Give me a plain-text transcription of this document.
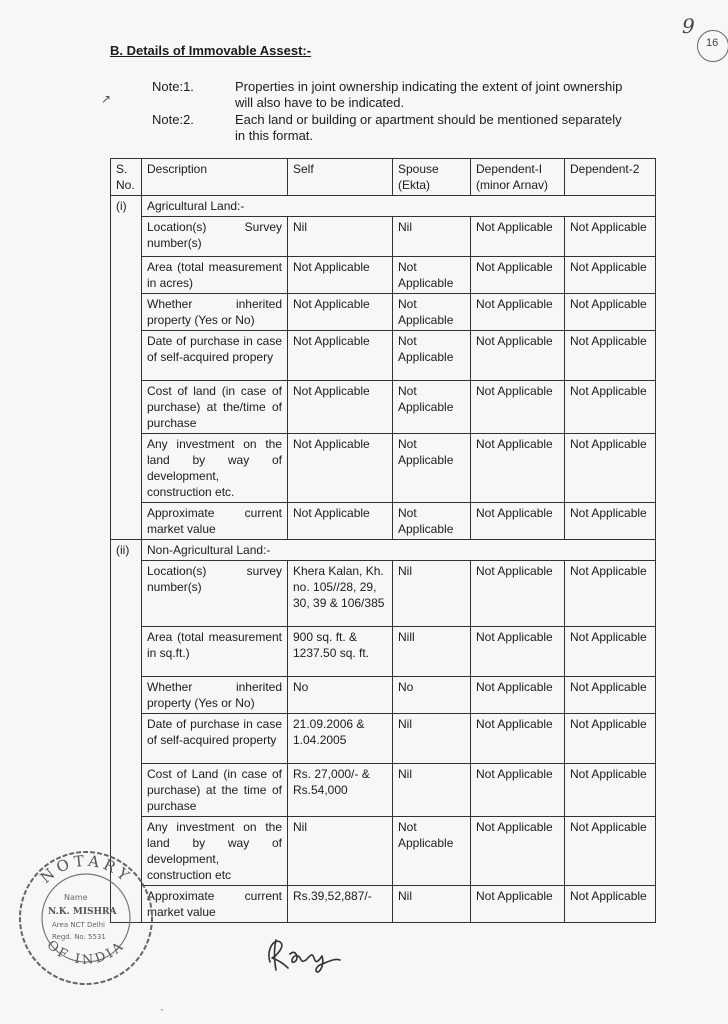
9
16
B. Details of Immovable Assest:-
Note:1.	Properties in joint ownership indicating the extent of joint ownership will also have to be indicated.
Note:2.	Each land or building or apartment should be mentioned separately in this format.
↗
S. No.	Description	Self	Spouse (Ekta)	Dependent-I (minor Arnav)	Dependent-2
(i)	Agricultural Land:-				
	Location(s) Survey number(s)	Nil	Nil	Not Applicable	Not Applicable
	Area (total measurement in acres)	Not Applicable	Not Applicable	Not Applicable	Not Applicable
	Whether inherited property (Yes or No)	Not Applicable	Not Applicable	Not Applicable	Not Applicable
	Date of purchase in case of self-acquired propery	Not Applicable	Not Applicable	Not Applicable	Not Applicable
	Cost of land (in case of purchase) at the/time of purchase	Not Applicable	Not Applicable	Not Applicable	Not Applicable
	Any investment on the land by way of development, construction etc.	Not Applicable	Not Applicable	Not Applicable	Not Applicable
	Approximate current market value	Not Applicable	Not Applicable	Not Applicable	Not Applicable
(ii)	Non-Agricultural Land:-				
	Location(s) survey number(s)	Khera Kalan, Kh. no. 105//28, 29, 30, 39 & 106/385	Nil	Not Applicable	Not Applicable
	Area (total measurement in sq.ft.)	900 sq. ft. & 1237.50 sq. ft.	Nill	Not Applicable	Not Applicable
	Whether inherited property (Yes or No)	No	No	Not Applicable	Not Applicable
	Date of purchase in case of self-acquired property	21.09.2006 & 1.04.2005	Nil	Not Applicable	Not Applicable
	Cost of Land (in case of purchase) at the time of purchase	Rs. 27,000/- & Rs.54,000	Nil	Not Applicable	Not Applicable
	Any investment on the land by way of development, construction etc	Nil	Not Applicable	Not Applicable	Not Applicable
	Approximate current market value	Rs.39,52,887/-	Nil	Not Applicable	Not Applicable
NOTARY
OF INDIA
Name
N.K. MISHRA
Area NCT Delhi
Regd. No. 5531
·
